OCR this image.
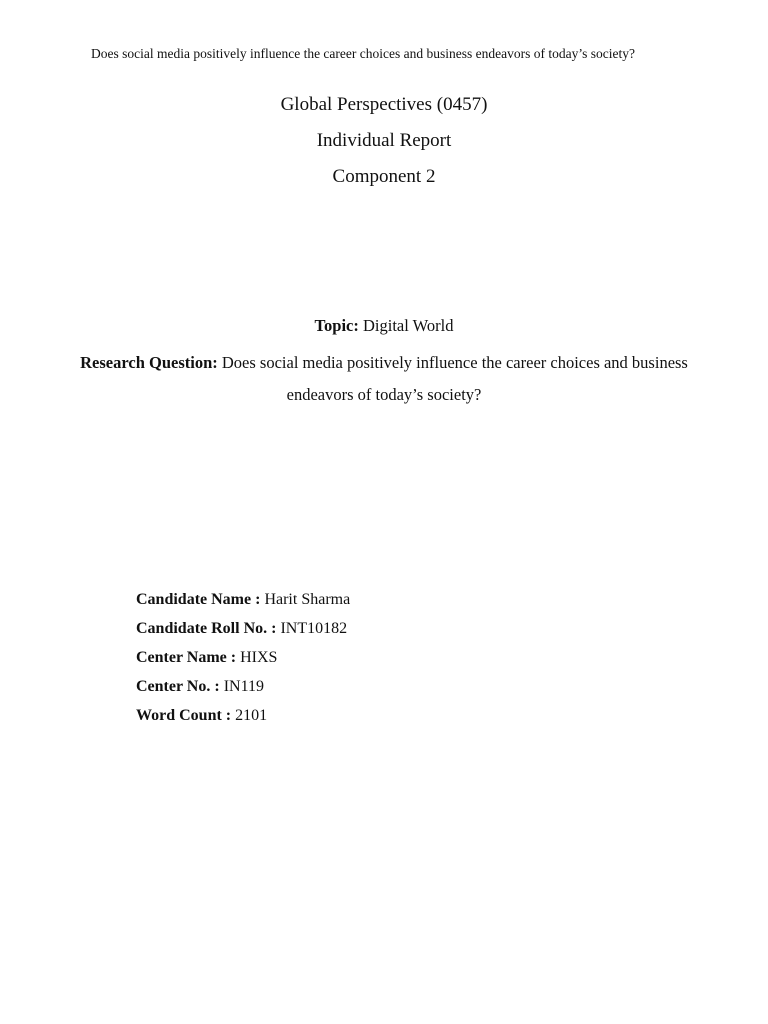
Does social media positively influence the career choices and business endeavors of today’s society?
Global Perspectives (0457)
Individual Report
Component 2
Topic: Digital World
Research Question: Does social media positively influence the career choices and business endeavors of today’s society?
Candidate Name : Harit Sharma
Candidate Roll No. : INT10182
Center Name : HIXS
Center No. : IN119
Word Count : 2101
